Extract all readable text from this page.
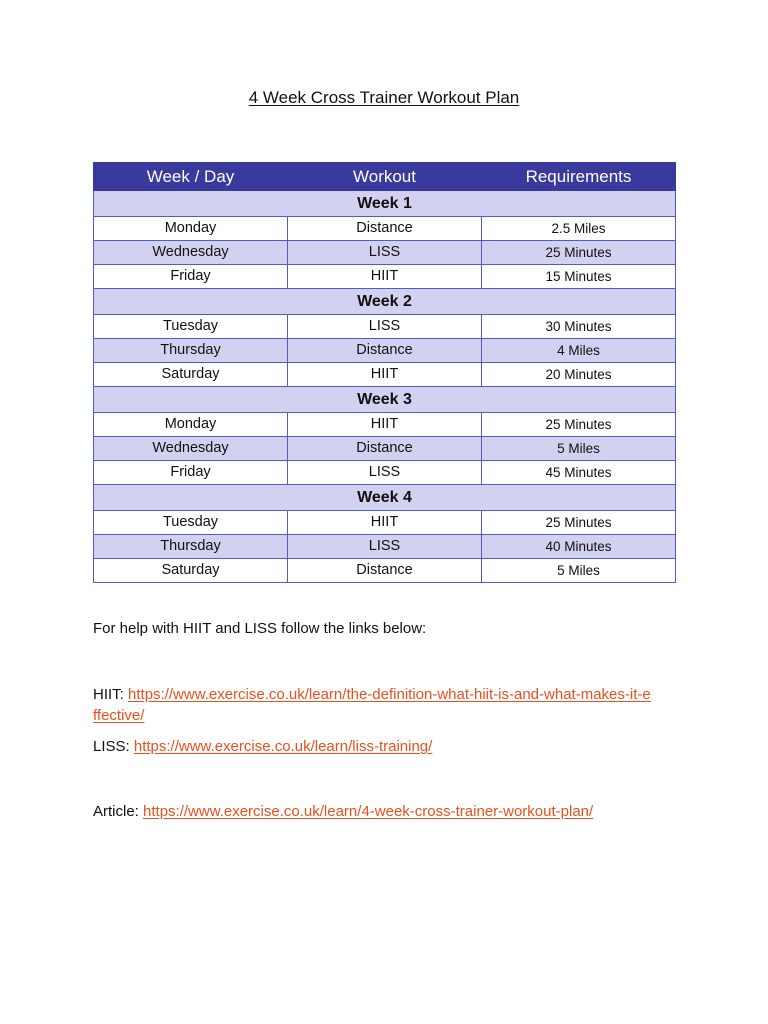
4 Week Cross Trainer Workout Plan
Week / Day	Workout	Requirements
Week 1		
Monday	Distance	2.5 Miles
Wednesday	LISS	25 Minutes
Friday	HIIT	15 Minutes
Week 2		
Tuesday	LISS	30 Minutes
Thursday	Distance	4 Miles
Saturday	HIIT	20 Minutes
Week 3		
Monday	HIIT	25 Minutes
Wednesday	Distance	5 Miles
Friday	LISS	45 Minutes
Week 4		
Tuesday	HIIT	25 Minutes
Thursday	LISS	40 Minutes
Saturday	Distance	5 Miles
For help with HIIT and LISS follow the links below:
HIIT: https://www.exercise.co.uk/learn/the-definition-what-hiit-is-and-what-makes-it-effective/
LISS: https://www.exercise.co.uk/learn/liss-training/
Article: https://www.exercise.co.uk/learn/4-week-cross-trainer-workout-plan/
